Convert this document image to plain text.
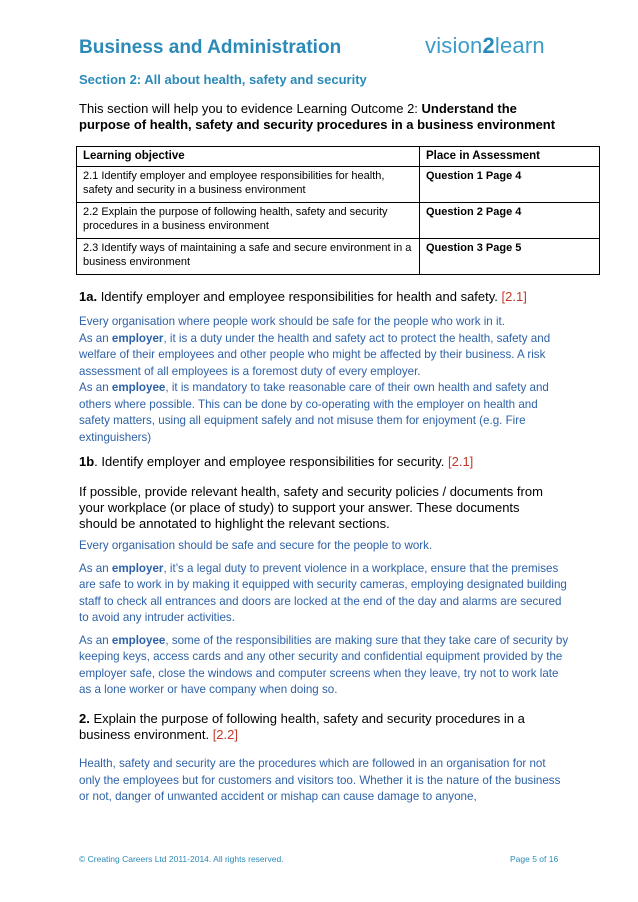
Business and Administration	vision2learn
Section 2: All about health, safety and security
This section will help you to evidence Learning Outcome 2: Understand the purpose of health, safety and security procedures in a business environment
Learning objective	Place in Assessment
2.1 Identify employer and employee responsibilities for health, safety and security in a business environment	Question 1 Page 4
2.2 Explain the purpose of following health, safety and security procedures in a business environment	Question 2 Page 4
2.3 Identify ways of maintaining a safe and secure environment in a business environment	Question 3 Page 5
1a. Identify employer and employee responsibilities for health and safety. [2.1]

Every organisation where people work should be safe for the people who work in it.

As an employer, it is a duty under the health and safety act to protect the health, safety and welfare of their employees and other people who might be affected by their business. A risk assessment of all employees is a foremost duty of every employer.

As an employee, it is mandatory to take reasonable care of their own health and safety and others where possible. This can be done by co-operating with the employer on health and safety matters, using all equipment safely and not misuse them for enjoyment (e.g. Fire extinguishers)

1b. Identify employer and employee responsibilities for security. [2.1]
If possible, provide relevant health, safety and security policies / documents from your workplace (or place of study) to support your answer. These documents should be annotated to highlight the relevant sections.

Every organisation should be safe and secure for the people to work.

As an employer, it’s a legal duty to prevent violence in a workplace, ensure that the premises are safe to work in by making it equipped with security cameras, employing designated building staff to check all entrances and doors are locked at the end of the day and alarms are secured to avoid any intruder activities.

As an employee, some of the responsibilities are making sure that they take care of security by keeping keys, access cards and any other security and confidential equipment provided by the employer safe, close the windows and computer screens when they leave, try not to work late as a lone worker or have company when doing so.

2. Explain the purpose of following health, safety and security procedures in a business environment. [2.2]

Health, safety and security are the procedures which are followed in an organisation for not only the employees but for customers and visitors too. Whether it is the nature of the business or not, danger of unwanted accident or mishap can cause damage to anyone,

© Creating Careers Ltd 2011-2014. All rights reserved.	Page 5 of 16
